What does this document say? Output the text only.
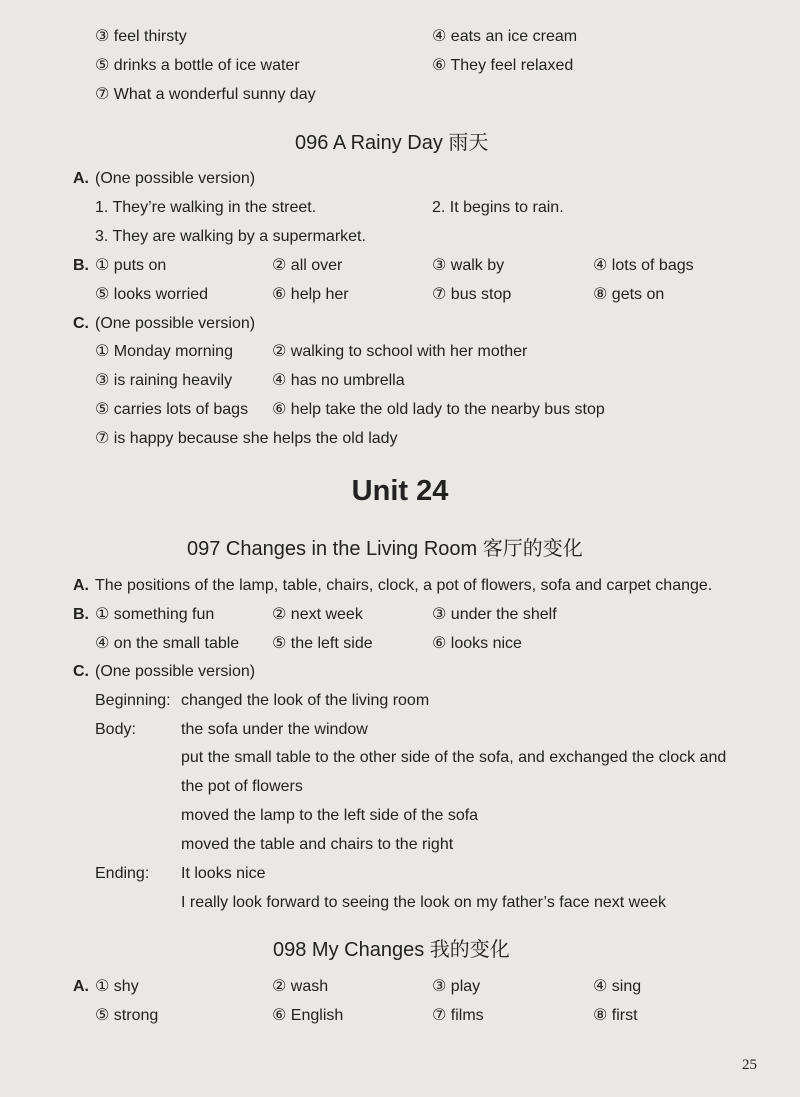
③ feel thirsty	④ eats an ice cream
⑤ drinks a bottle of ice water	⑥ They feel relaxed
⑦ What a wonderful sunny day
096 A Rainy Day 雨天
A. (One possible version)
1. They’re walking in the street.	2. It begins to rain.
3. They are walking by a supermarket.
B. ① puts on	② all over	③ walk by	④ lots of bags
⑤ looks worried	⑥ help her	⑦ bus stop	⑧ gets on
C. (One possible version)
① Monday morning ② walking to school with her mother
③ is raining heavily ④ has no umbrella
⑤ carries lots of bags ⑥ help take the old lady to the nearby bus stop
⑦ is happy because she helps the old lady
Unit 24
097 Changes in the Living Room 客厅的变化
A. The positions of the lamp, table, chairs, clock, a pot of flowers, sofa and carpet change.
B. ① something fun	② next week	③ under the shelf
④ on the small table ⑤ the left side	⑥ looks nice
C. (One possible version)
Beginning: changed the look of the living room
Body:	the sofa under the window
put the small table to the other side of the sofa, and exchanged the clock and
the pot of flowers
moved the lamp to the left side of the sofa
moved the table and chairs to the right
Ending: It looks nice
I really look forward to seeing the look on my father’s face next week
098 My Changes 我的变化
A. ① shy	② wash	③ play	④ sing
⑤ strong	⑥ English	⑦ films	⑧ first
25
